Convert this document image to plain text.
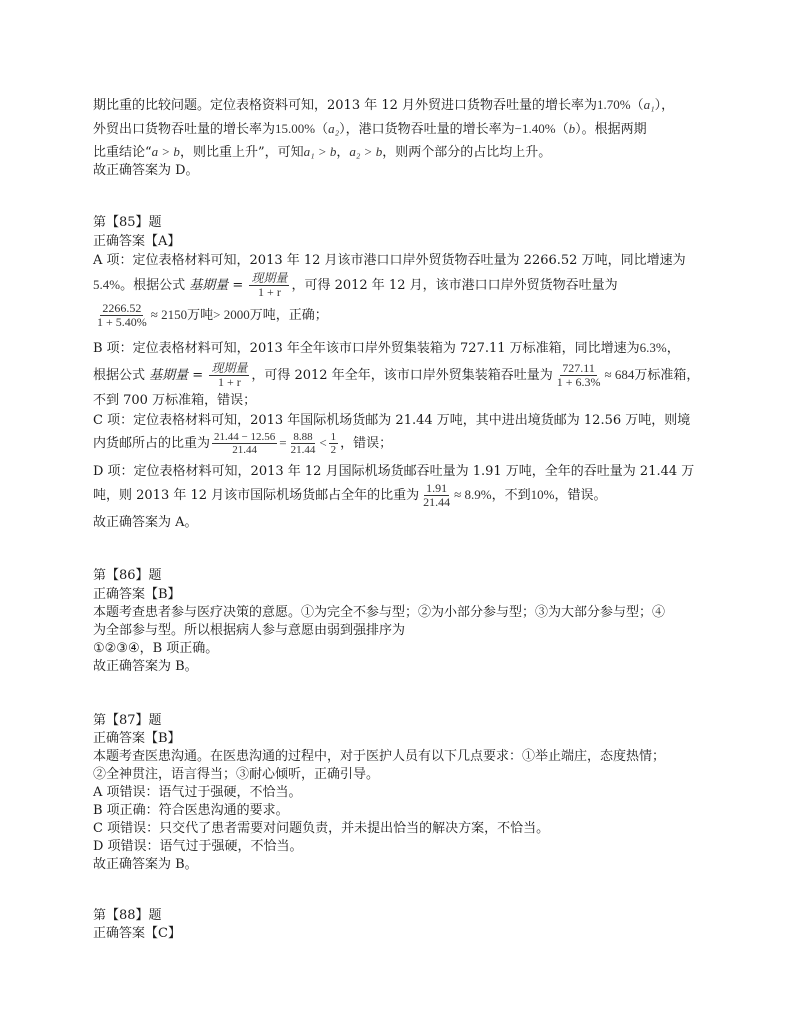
期比重的比较问题。定位表格资料可知，2013 年 12 月外贸进口货物吞吐量的增长率为1.70%（a₁），
外贸出口货物吞吐量的增长率为15.00%（a₂），港口货物吞吐量的增长率为−1.40%（b）。根据两期
比重结论“a > b，则比重上升”，可知a₁ > b，a₂ > b，则两个部分的占比均上升。
故正确答案为 D。
第【85】题
正确答案【A】
A 项：定位表格材料可知，2013 年 12 月该市港口口岸外贸货物吞吐量为 2266.52 万吨，同比增速为
5.4%。根据公式 基期量 = $\frac{\text{现期量}}{1 + r}$ ，可得 2012 年 12 月，该市港口口岸外贸货物吞吐量为
$\frac{2266.52}{1 + 5.40\%} \approx 2150$万吨> 2000万吨，正确；
B 项：定位表格材料可知，2013 年全年该市口岸外贸集装箱为 727.11 万标准箱，同比增速为6.3%，
根据公式 基期量 = $\frac{\text{现期量}}{1 + r}$ ，可得 2012 年全年，该市口岸外贸集装箱吞吐量为 $\frac{727.11}{1 + 6.3\%} \approx 684$万标准箱，
不到 700 万标准箱，错误；
C 项：定位表格材料可知，2013 年国际机场货邮为 21.44 万吨，其中进出境货邮为 12.56 万吨，则境
内货邮所占的比重为 $\frac{21.44 - 12.56}{21.44} = \frac{8.88}{21.44} < \frac{1}{2}$ ，错误；
D 项：定位表格材料可知，2013 年 12 月国际机场货邮吞吐量为 1.91 万吨，全年的吞吐量为 21.44 万
吨，则 2013 年 12 月该市国际机场货邮占全年的比重为 $\frac{1.91}{21.44} \approx 8.9\%$，不到10%，错误。
故正确答案为 A。
第【86】题
正确答案【B】
本题考查患者参与医疗决策的意愿。①为完全不参与型；②为小部分参与型；③为大部分参与型；④
为全部参与型。所以根据病人参与意愿由弱到强排序为
①②③④，B 项正确。
故正确答案为 B。
第【87】题
正确答案【B】
本题考查医患沟通。在医患沟通的过程中，对于医护人员有以下几点要求：①举止端庄，态度热情；
②全神贯注，语言得当；③耐心倾听，正确引导。
A 项错误：语气过于强硬，不恰当。
B 项正确：符合医患沟通的要求。
C 项错误：只交代了患者需要对问题负责，并未提出恰当的解决方案，不恰当。
D 项错误：语气过于强硬，不恰当。
故正确答案为 B。
第【88】题
正确答案【C】
